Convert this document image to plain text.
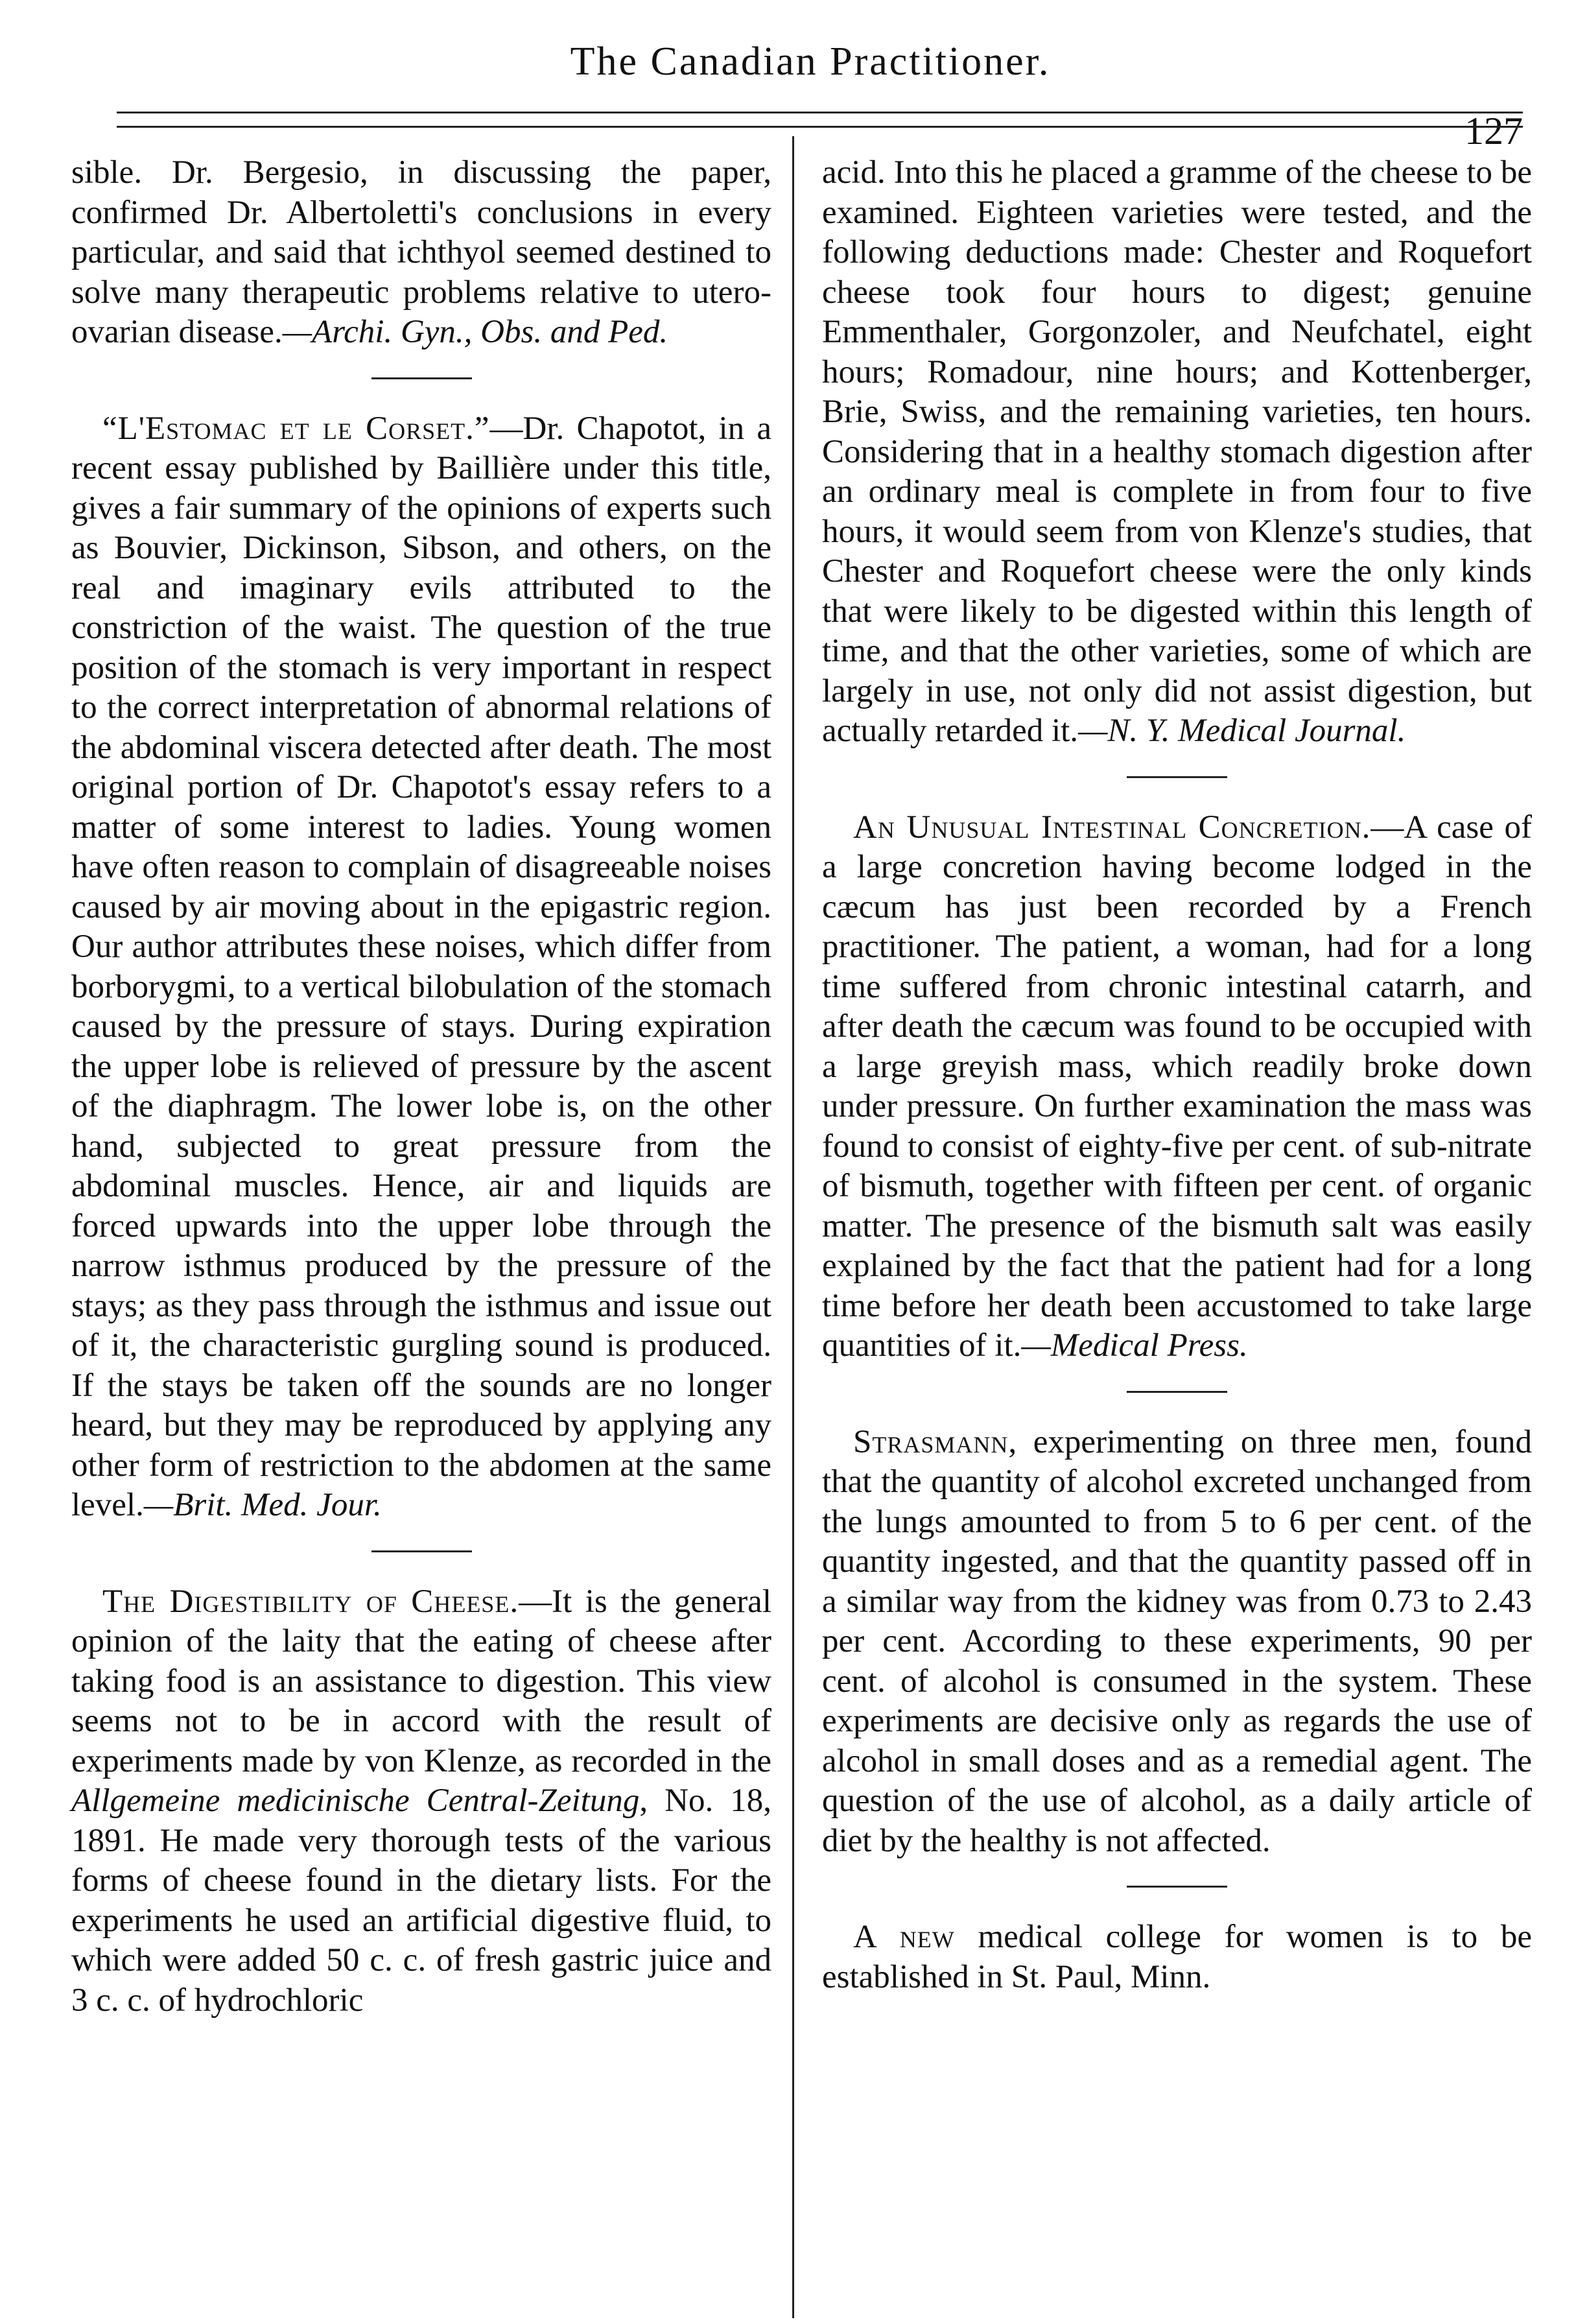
The Canadian Practitioner.
127

sible. Dr. Bergesio, in discussing the paper, confirmed Dr. Albertoletti's conclusions in every particular, and said that ichthyol seemed destined to solve many therapeutic problems relative to utero-ovarian disease.—Archi. Gyn., Obs. and Ped.

“L'Estomac et le Corset.”—Dr. Chapotot, in a recent essay published by Baillière under this title, gives a fair summary of the opinions of experts such as Bouvier, Dickinson, Sibson, and others, on the real and imaginary evils attributed to the constriction of the waist. The question of the true position of the stomach is very important in respect to the correct interpretation of abnormal relations of the abdominal viscera detected after death. The most original portion of Dr. Chapotot's essay refers to a matter of some interest to ladies. Young women have often reason to complain of disagreeable noises caused by air moving about in the epigastric region. Our author attributes these noises, which differ from borborygmi, to a vertical bilobulation of the stomach caused by the pressure of stays. During expiration the upper lobe is relieved of pressure by the ascent of the diaphragm. The lower lobe is, on the other hand, subjected to great pressure from the abdominal muscles. Hence, air and liquids are forced upwards into the upper lobe through the narrow isthmus produced by the pressure of the stays; as they pass through the isthmus and issue out of it, the characteristic gurgling sound is produced. If the stays be taken off the sounds are no longer heard, but they may be reproduced by applying any other form of restriction to the abdomen at the same level.—Brit. Med. Jour.

The Digestibility of Cheese.—It is the general opinion of the laity that the eating of cheese after taking food is an assistance to digestion. This view seems not to be in accord with the result of experiments made by von Klenze, as recorded in the Allgemeine medicinische Central-Zeitung, No. 18, 1891. He made very thorough tests of the various forms of cheese found in the dietary lists. For the experiments he used an artificial digestive fluid, to which were added 50 c. c. of fresh gastric juice and 3 c. c. of hydrochloric

acid. Into this he placed a gramme of the cheese to be examined. Eighteen varieties were tested, and the following deductions made: Chester and Roquefort cheese took four hours to digest; genuine Emmenthaler, Gorgonzoler, and Neufchatel, eight hours; Romadour, nine hours; and Kottenberger, Brie, Swiss, and the remaining varieties, ten hours. Considering that in a healthy stomach digestion after an ordinary meal is complete in from four to five hours, it would seem from von Klenze's studies, that Chester and Roquefort cheese were the only kinds that were likely to be digested within this length of time, and that the other varieties, some of which are largely in use, not only did not assist digestion, but actually retarded it.—N. Y. Medical Journal.

An Unusual Intestinal Concretion.—A case of a large concretion having become lodged in the cæcum has just been recorded by a French practitioner. The patient, a woman, had for a long time suffered from chronic intestinal catarrh, and after death the cæcum was found to be occupied with a large greyish mass, which readily broke down under pressure. On further examination the mass was found to consist of eighty-five per cent. of sub-nitrate of bismuth, together with fifteen per cent. of organic matter. The presence of the bismuth salt was easily explained by the fact that the patient had for a long time before her death been accustomed to take large quantities of it.—Medical Press.

Strasmann, experimenting on three men, found that the quantity of alcohol excreted unchanged from the lungs amounted to from 5 to 6 per cent. of the quantity ingested, and that the quantity passed off in a similar way from the kidney was from 0.73 to 2.43 per cent. According to these experiments, 90 per cent. of alcohol is consumed in the system. These experiments are decisive only as regards the use of alcohol in small doses and as a remedial agent. The question of the use of alcohol, as a daily article of diet by the healthy is not affected.

A new medical college for women is to be established in St. Paul, Minn.
